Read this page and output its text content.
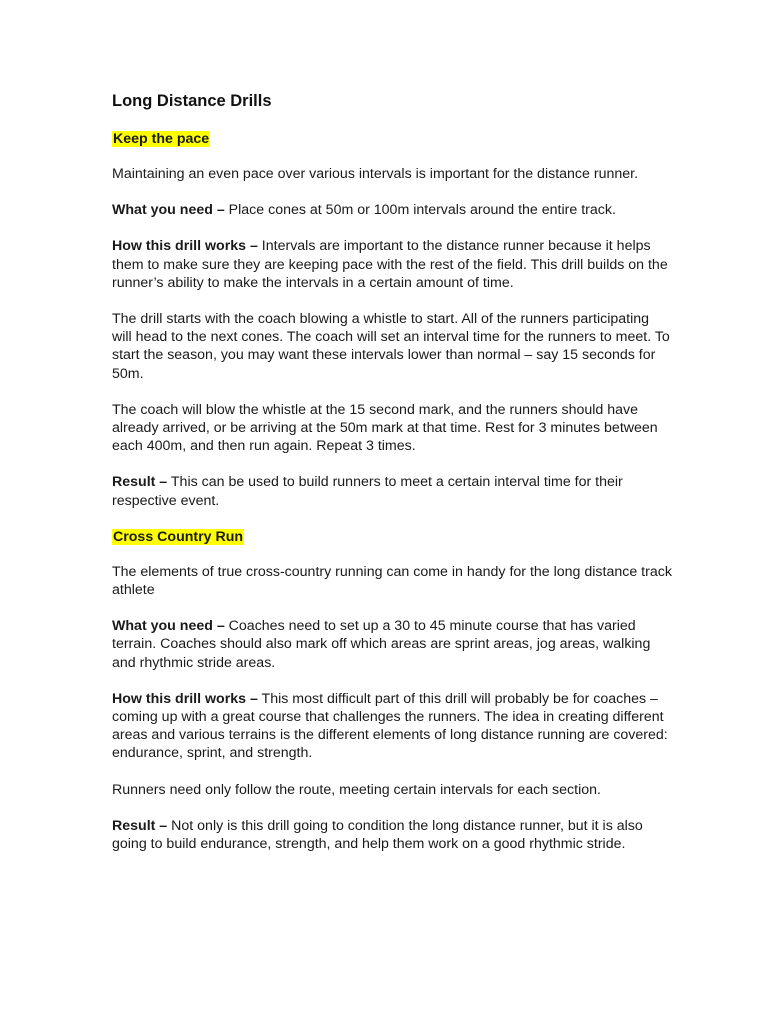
Long Distance Drills
Keep the pace

Maintaining an even pace over various intervals is important for the distance runner.

What you need – Place cones at 50m or 100m intervals around the entire track.

How this drill works – Intervals are important to the distance runner because it helps them to make sure they are keeping pace with the rest of the field. This drill builds on the runner’s ability to make the intervals in a certain amount of time.

The drill starts with the coach blowing a whistle to start. All of the runners participating will head to the next cones. The coach will set an interval time for the runners to meet. To start the season, you may want these intervals lower than normal – say 15 seconds for 50m.

The coach will blow the whistle at the 15 second mark, and the runners should have already arrived, or be arriving at the 50m mark at that time. Rest for 3 minutes between each 400m, and then run again. Repeat 3 times.

Result – This can be used to build runners to meet a certain interval time for their respective event.

Cross Country Run

The elements of true cross-country running can come in handy for the long distance track athlete

What you need – Coaches need to set up a 30 to 45 minute course that has varied terrain. Coaches should also mark off which areas are sprint areas, jog areas, walking and rhythmic stride areas.

How this drill works – This most difficult part of this drill will probably be for coaches – coming up with a great course that challenges the runners. The idea in creating different areas and various terrains is the different elements of long distance running are covered: endurance, sprint, and strength.

Runners need only follow the route, meeting certain intervals for each section.

Result – Not only is this drill going to condition the long distance runner, but it is also going to build endurance, strength, and help them work on a good rhythmic stride.
